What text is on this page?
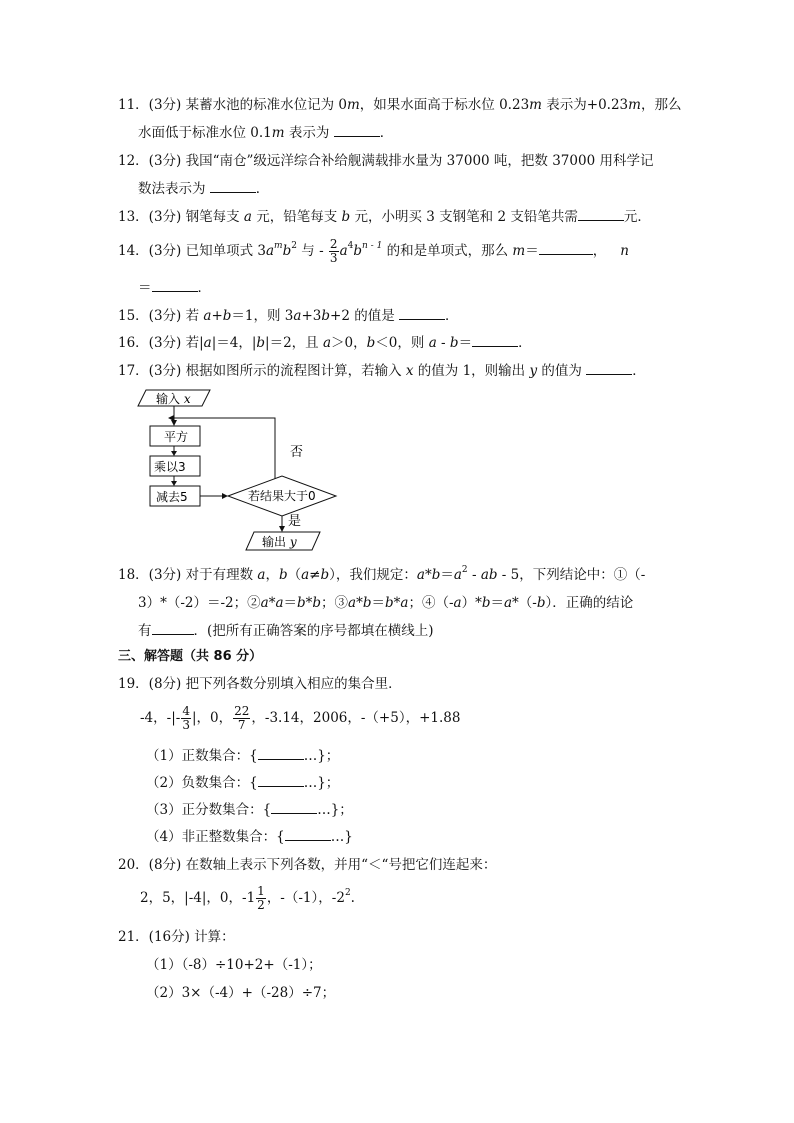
11．(3分) 某蓄水池的标准水位记为 0m，如果水面高于标水位 0.23m 表示为+0.23m，那么
水面低于标准水位 0.1m 表示为	．
12．(3分) 我国“南仓”级远洋综合补给舰满载排水量为 37000 吨，把数 37000 用科学记
数法表示为	．
13．(3分) 钢笔每支 a 元，铅笔每支 b 元，小明买 3 支钢笔和 2 支铅笔共需	元．
14．(3分) 已知单项式 $3a^mb^2$ 与 - $\frac{2}{3} a^4b^{n - 1}$ 的和是单项式，那么 m＝	， n
＝	．
15．(3分) 若 a+b＝1，则 3a+3b+2 的值是	．
16．(3分) 若|a|＝4，|b|＝2，且 a＞0，b＜0，则 a - b＝	．
17．(3分) 根据如图所示的流程图计算，若输入 x 的值为 1，则输出 y 的值为	．
输入 x
否
平方
乘以3
减去5	若结果大于0
是
输出 y
18．(3分) 对于有理数 a，b（a≠b），我们规定：$a*b=a^2$ - ab - 5，下列结论中：①（-
3）*（-2）＝-2；②a*a＝b*b；③a*b＝b*a；④（-a）*b＝a*（-b）．正确的结论
有	．(把所有正确答案的序号都填在横线上)
三、解答题（共 86 分）
19．(8分) 把下列各数分别填入相应的集合里．
-4，-|- $\frac{4}{3}$ |，0， $\frac{22}{7}$ ，-3.14，2006，-（+5），+1.88
（1）正数集合：{	…}；
（2）负数集合：{	…}；
（3）正分数集合：{	…}；
（4）非正整数集合：{	…}
20．(8分) 在数轴上表示下列各数，并用“＜“号把它们连起来：
2，5，|-4|，0，$-1 \frac{1}{2}$ ，-（-1），$-2^2$.
21．(16分) 计算：
（1）（-8）÷10+2+（-1）；
（2）3×（-4）+（-28）÷7；
